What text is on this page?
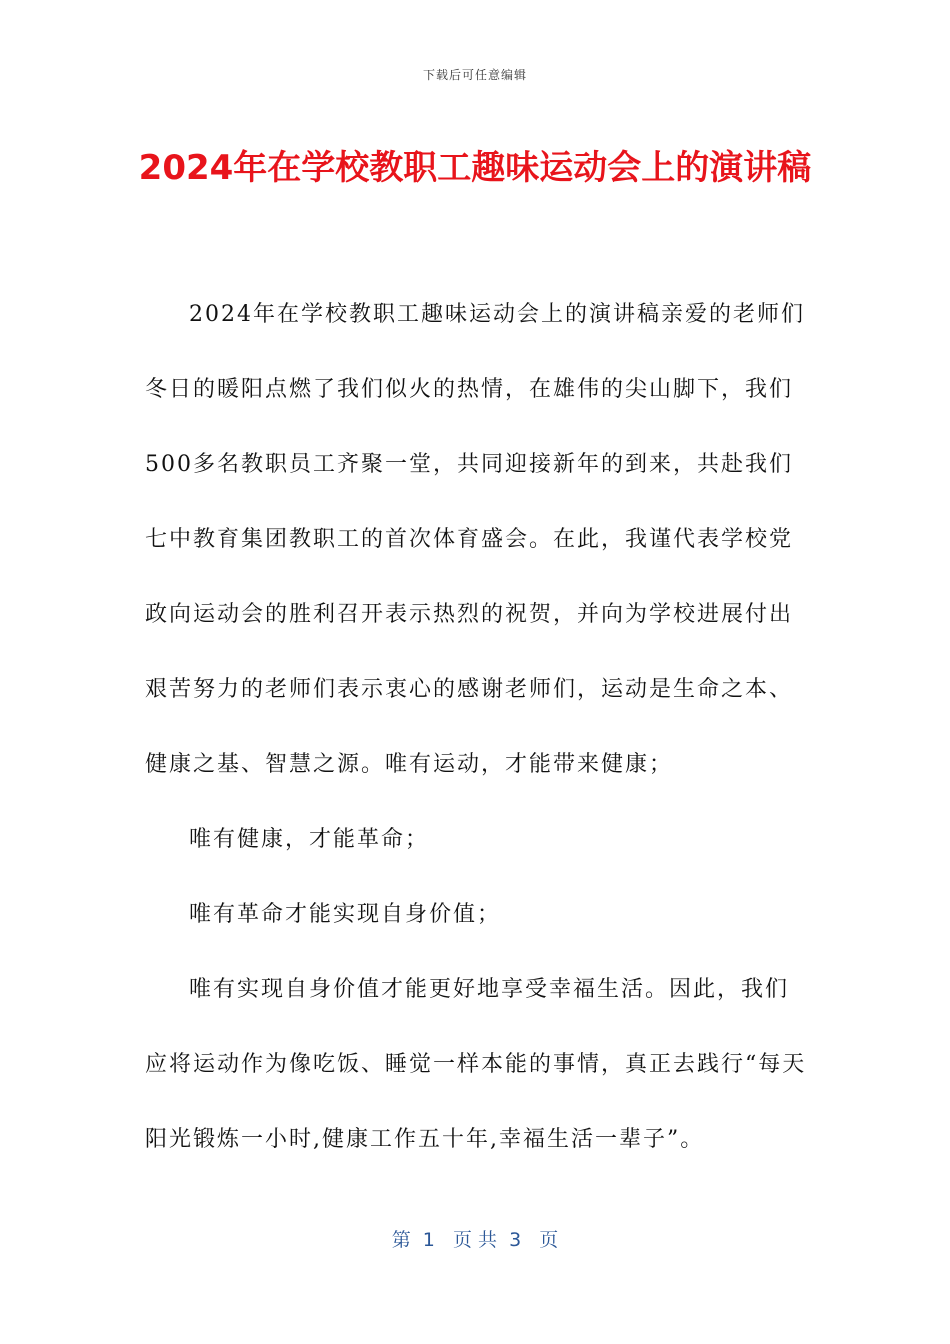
下载后可任意编辑
2024年在学校教职工趣味运动会上的演讲稿

2024年在学校教职工趣味运动会上的演讲稿亲爱的老师们冬日的暖阳点燃了我们似火的热情，在雄伟的尖山脚下，我们500多名教职员工齐聚一堂，共同迎接新年的到来，共赴我们七中教育集团教职工的首次体育盛会。在此，我谨代表学校党政向运动会的胜利召开表示热烈的祝贺，并向为学校进展付出艰苦努力的老师们表示衷心的感谢老师们，运动是生命之本、健康之基、智慧之源。唯有运动，才能带来健康；

唯有健康，才能革命；

唯有革命才能实现自身价值；

唯有实现自身价值才能更好地享受幸福生活。因此，我们应将运动作为像吃饭、睡觉一样本能的事情，真正去践行“每天阳光锻炼一小时,健康工作五十年,幸福生活一辈子”。

第  1   页 共  3   页
